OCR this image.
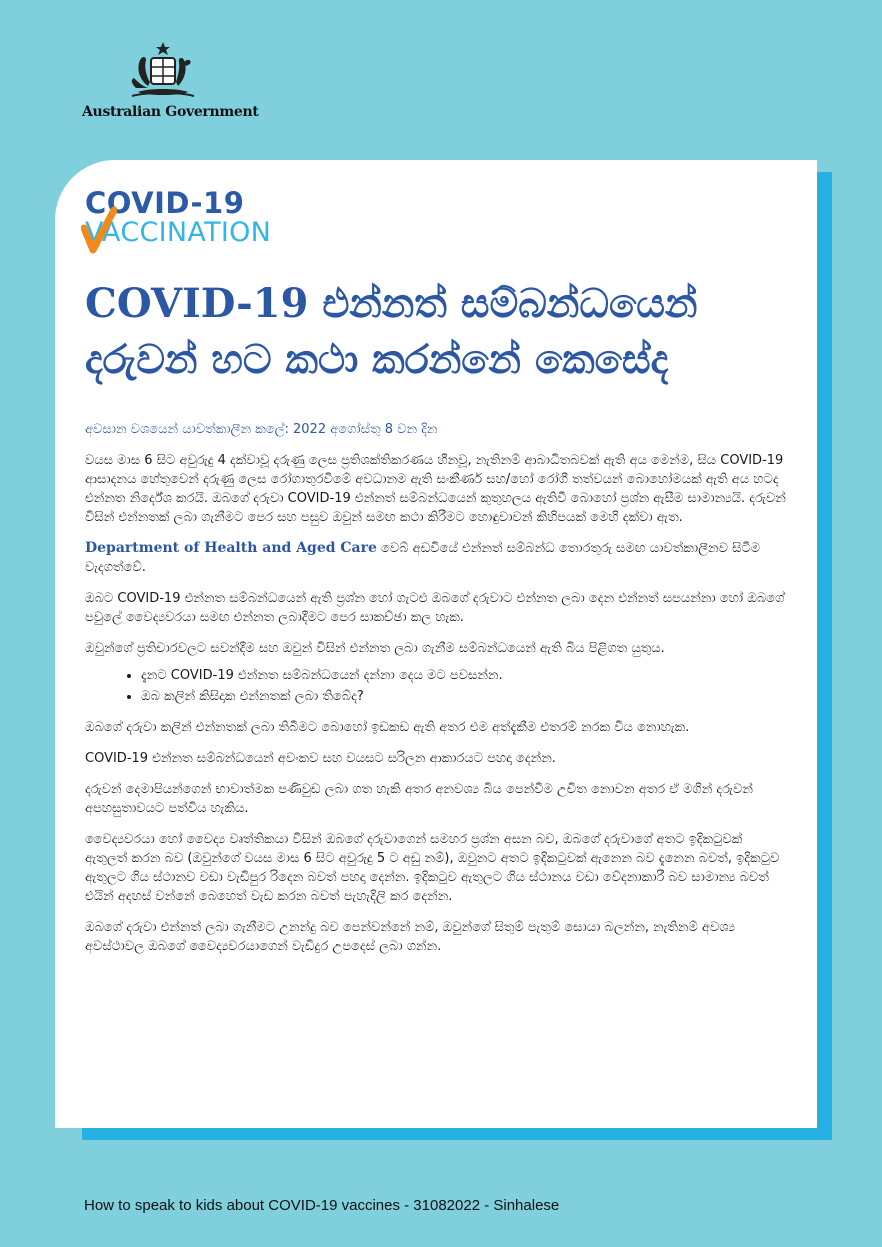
Australian Government
COVID-19
VACCINATION
COVID-19 එන්නත් සම්බන්ධයෙන් දරුවන් හට කථා කරන්නේ කෙසේද
අවසාන වශයෙන් යාවත්කාලීන කලේ: 2022 අගෝස්තු 8 වන දින

වයස මාස 6 සිට අවුරුදු 4 දක්වාවූ දරුණු ලෙස ප්‍රතිශක්තිකරණය හීනවූ, නැතිනම් ආබාධිතබවක් ඇති අය මෙන්ම, සිය COVID-19 ආසාදනය හේතුවෙන් දරුණු ලෙස රෝගාතුරවීමේ අවධානම ඇති සංකීර්ණ සහ/හෝ රෝගී තත්වයන් බොහෝමයක් ඇති අය හටද එන්නත නිර්දේශ කරයි. ඔබගේ දරුවා COVID-19 එන්නත් සම්බන්ධයෙන් කුතුහලය ඇතිවී බොහෝ ප්‍රශ්න ඇසීම සාමාන්‍යයි. දරුවන් විසින් එන්නතක් ලබා ගැනීමට පෙර සහ පසුව ඔවුන් සමඟ කථා කිරීමට හොඳුවාවන් කිහිපයක් මෙහි දක්වා ඇත.

Department of Health and Aged Care වෙබ් අඩවියේ එන්නත් සම්බන්ධ තොරතුරු සමඟ යාවත්කාලීනව සිටීම වැදගත්වේ.

ඔබට COVID-19 එන්නත සම්බන්ධයෙන් ඇති ප්‍රශ්න හෝ ගැටළු ඔබගේ දරුවාට එන්නත ලබා දෙන එන්නත් සපයන්නා හෝ ඔබගේ පවුලේ වෛද්‍යවරයා සමඟ එන්නත ලබාදීමට පෙර සාකච්ඡා කල හැක.

ඔවුන්ගේ ප්‍රතිචාරවලට සවන්දීම සහ ඔවුන් විසින් එන්නත ලබා ගැනීම සම්බන්ධයෙන් ඇති බිය පිළිගත යුතුය.

• දැනට COVID-19 එන්නත සම්බන්ධයෙන් දන්නා දෙය මට පවසන්න.
• ඔබ කලින් කිසිදාක එන්නතක් ලබා තිබේද?

ඔබගේ දරුවා කලින් එන්නතක් ලබා තිබීමට බොහෝ ඉඩකඩ ඇති අතර එම අත්දැකීම එතරම් නරක විය නොහැක.

COVID-19 එන්නත සම්බන්ධයෙන් අවංකව සහ වයසට සරිලන ආකාරයට පහදා දෙන්න.

දරුවන් දෙමාපියන්ගෙන් භාවාත්මක පණිවුඩ ලබා ගත හැකි අතර අනවශ්‍ය බිය පෙන්වීම උචිත නොවන අතර ඒ මගින් දරුවන් අපහසුතාවයට පත්විය හැකිය.

වෛද්‍යවරයා හෝ වෛද්‍ය වෘත්තිකයා විසින් ඔබගේ දරුවාගෙන් සමහර ප්‍රශ්න අසන බව, ඔබගේ දරුවාගේ අතට ඉදිකටුවක් ඇතුලත් කරන බව (ඔවුන්ගේ වයස මාස 6 සිට අවුරුදු 5 ට අඩු නම්), ඔවුනට අතට ඉදිකටුවක් ඇනෙන බව දැනෙන බවත්, ඉදිකටුව ඇතුලට ගිය ස්ථානව වඩා වැඩිපුර රිදෙන බවත් පහදා දෙන්න. ඉදිකටුව ඇතුලට ගිය ස්ථානය වඩා වේදනාකාරී බව සාමාන්‍ය බවත් එයින් අදහස් වන්නේ බෙහෙත් වැඩ කරන බවත් පැහැදිලි කර දෙන්න.

ඔබගේ දරුවා එන්නත් ලබා ගැනීමට උනන්දු බව පෙන්වන්නේ නම්, ඔවුන්ගේ සිතුම් පැතුම් සොයා බලන්න, නැතිනම් අවශ්‍ය අවස්ථාවල ඔබගේ වෛද්‍යවරයාගෙන් වැඩිදුර උපදෙස් ලබා ගන්න.

How to speak to kids about COVID-19 vaccines - 31082022 - Sinhalese
